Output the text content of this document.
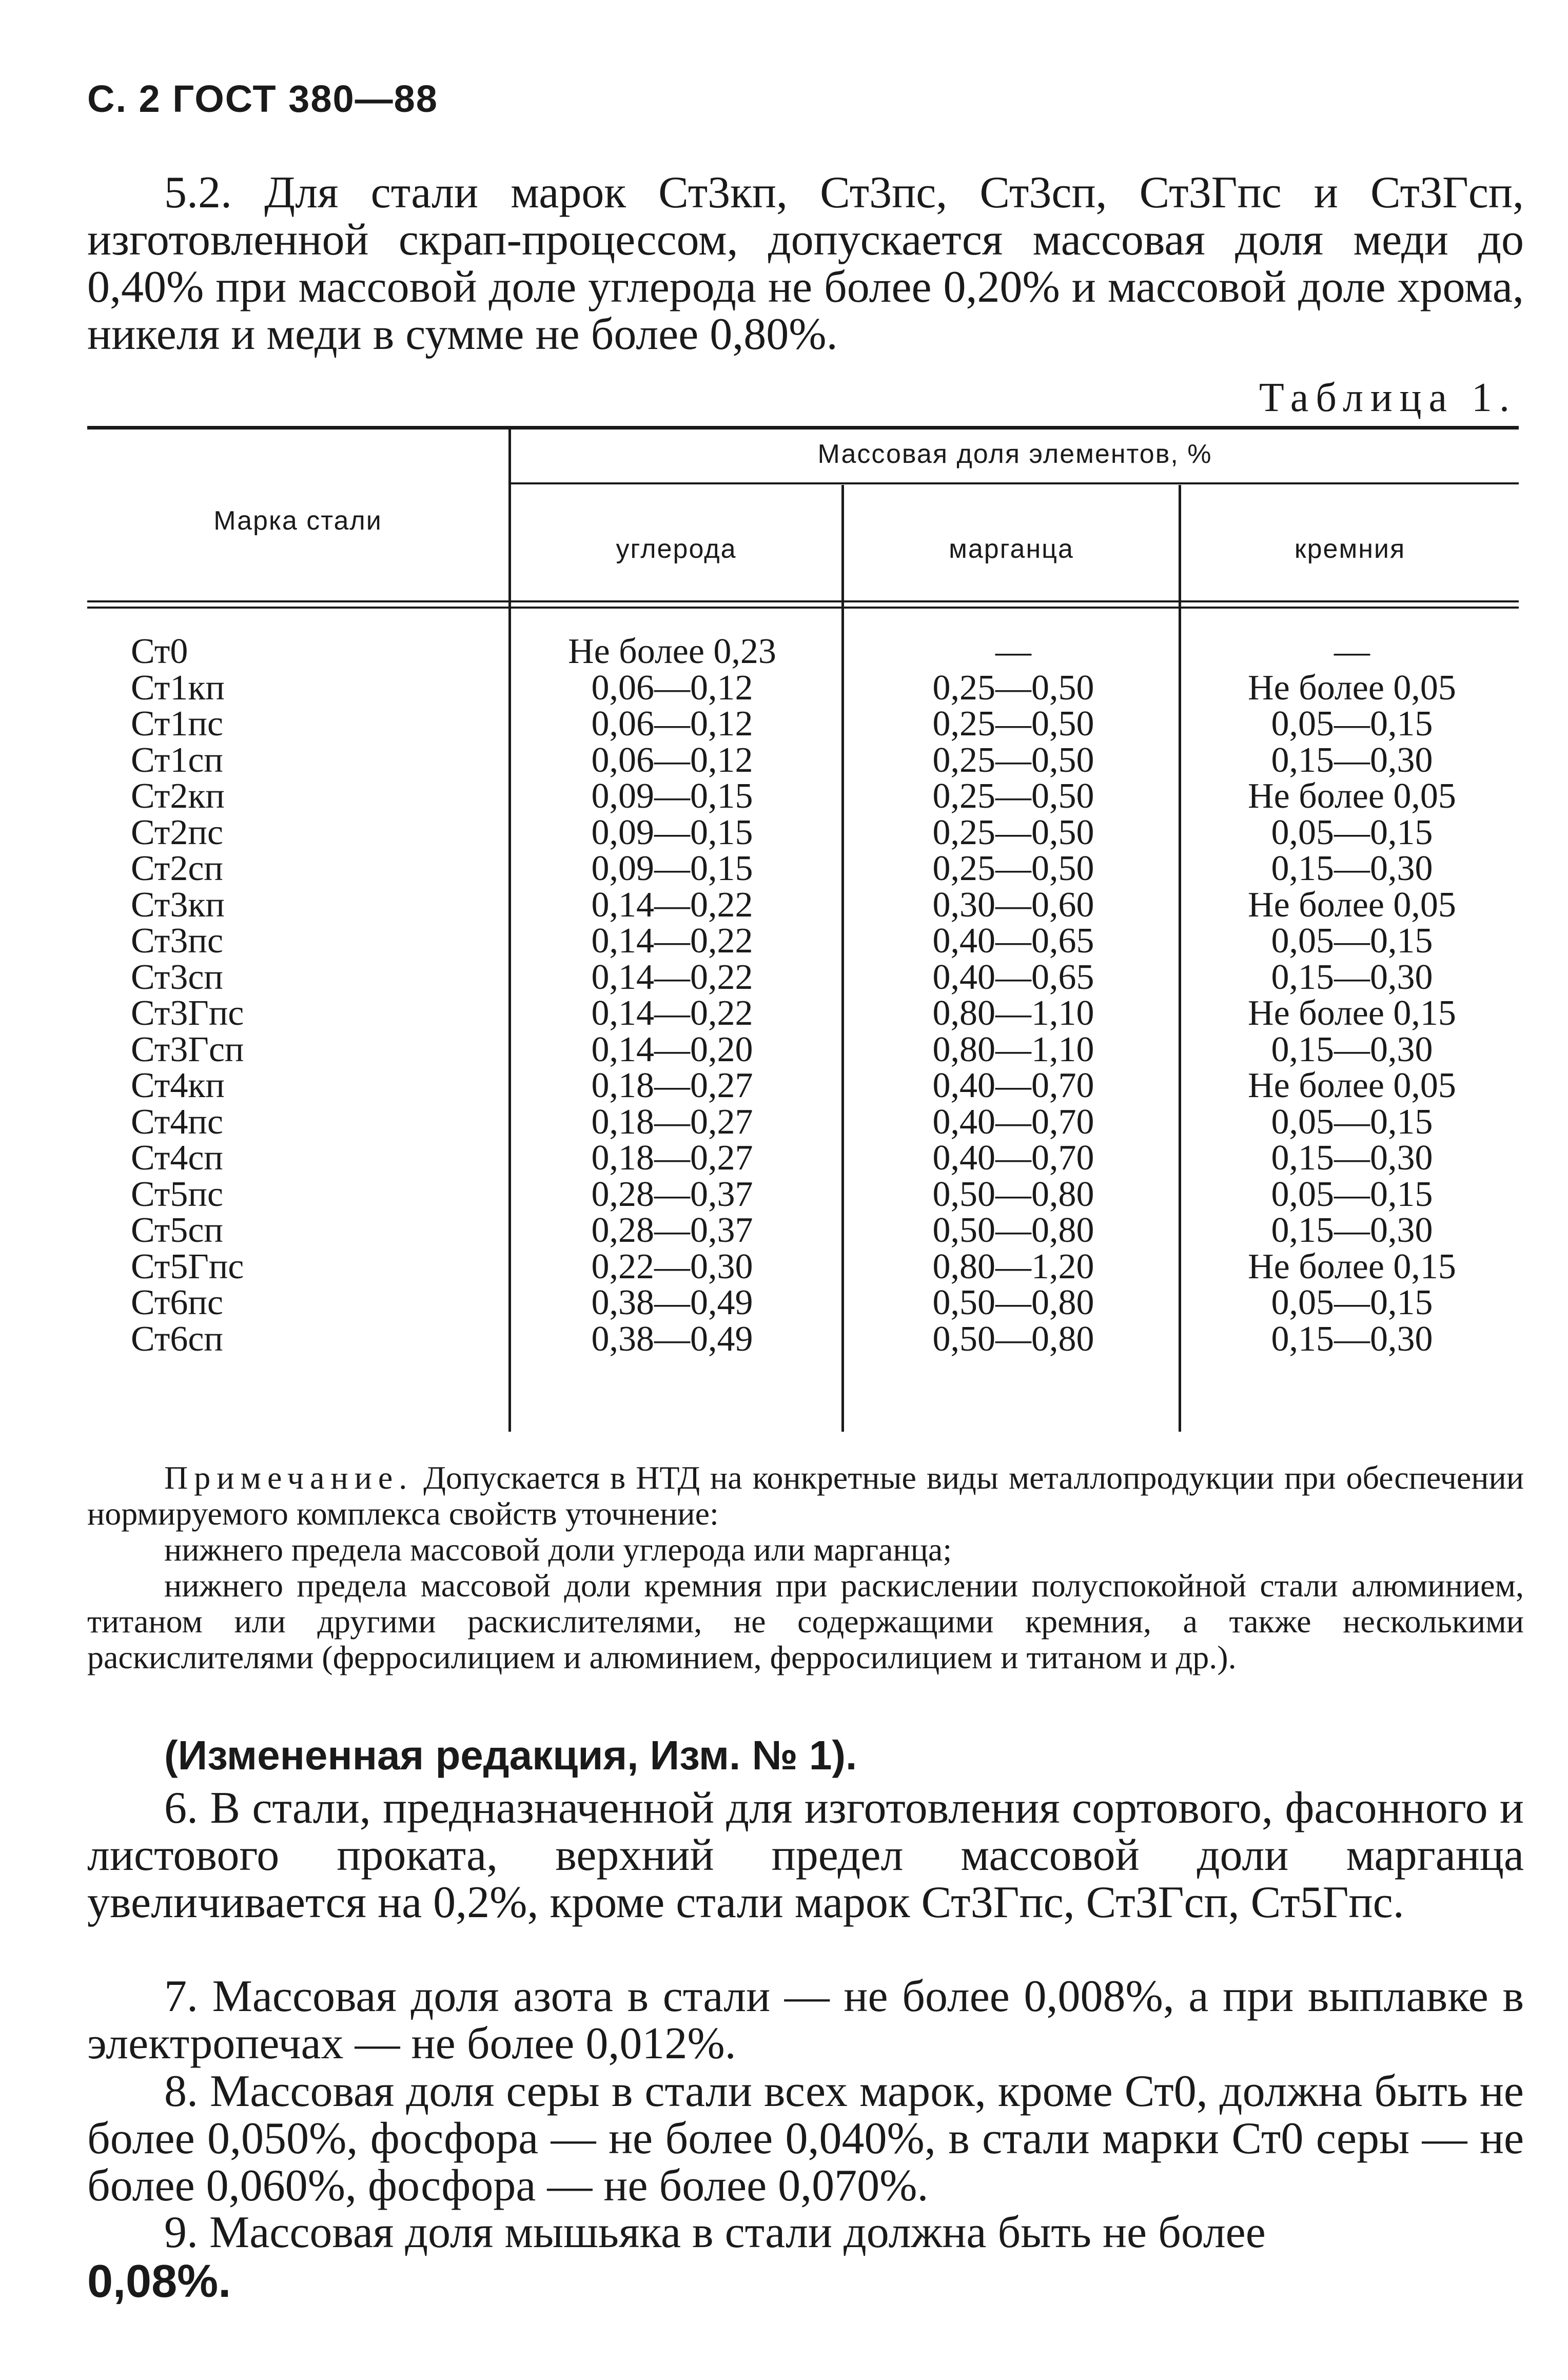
С. 2 ГОСТ 380—88

5.2. Для стали марок Ст3кп, Ст3пс, Ст3сп, Ст3Гпс и Ст3Гсп, изготовленной скрап-процессом, допускается массовая доля меди до 0,40% при массовой доле углерода не более 0,20% и массовой доле хрома, никеля и меди в сумме не более 0,80%.

Таблица 1.
Марка стали
Массовая доля элементов, %
углерода	марганца	кремния
Ст0
Ст1кп
Ст1пс
Ст1сп
Ст2кп
Ст2пс
Ст2сп
Ст3кп
Ст3пс
Ст3сп
Ст3Гпс
Ст3Гсп
Ст4кп
Ст4пс
Ст4сп
Ст5пс
Ст5сп
Ст5Гпс
Ст6пс
Ст6сп
Не более 0,23
0,06—0,12
0,06—0,12
0,06—0,12
0,09—0,15
0,09—0,15
0,09—0,15
0,14—0,22
0,14—0,22
0,14—0,22
0,14—0,22
0,14—0,20
0,18—0,27
0,18—0,27
0,18—0,27
0,28—0,37
0,28—0,37
0,22—0,30
0,38—0,49
0,38—0,49
—
0,25—0,50
0,25—0,50
0,25—0,50
0,25—0,50
0,25—0,50
0,25—0,50
0,30—0,60
0,40—0,65
0,40—0,65
0,80—1,10
0,80—1,10
0,40—0,70
0,40—0,70
0,40—0,70
0,50—0,80
0,50—0,80
0,80—1,20
0,50—0,80
0,50—0,80
—
Не более 0,05
0,05—0,15
0,15—0,30
Не более 0,05
0,05—0,15
0,15—0,30
Не более 0,05
0,05—0,15
0,15—0,30
Не более 0,15
0,15—0,30
Не более 0,05
0,05—0,15
0,15—0,30
0,05—0,15
0,15—0,30
Не более 0,15
0,05—0,15
0,15—0,30

Примечание. Допускается в НТД на конкретные виды металлопродукции при обеспечении нормируемого комплекса свойств уточнение:

нижнего предела массовой доли углерода или марганца;

нижнего предела массовой доли кремния при раскислении полуспокойной стали алюминием, титаном или другими раскислителями, не содержащими кремния, а также несколькими раскислителями (ферросилицием и алюминием, ферросилицием и титаном и др.).

(Измененная редакция, Изм. № 1).

6. В стали, предназначенной для изготовления сортового, фасонного и листового проката, верхний предел массовой доли марганца увеличивается на 0,2%, кроме стали марок Ст3Гпс, Ст3Гсп, Ст5Гпс.

7. Массовая доля азота в стали — не более 0,008%, а при выплавке в электропечах — не более 0,012%.

8. Массовая доля серы в стали всех марок, кроме Ст0, должна быть не более 0,050%, фосфора — не более 0,040%, в стали марки Ст0 серы — не более 0,060%, фосфора — не более 0,070%.

9. Массовая доля мышьяка в стали должна быть не более

0,08%.
